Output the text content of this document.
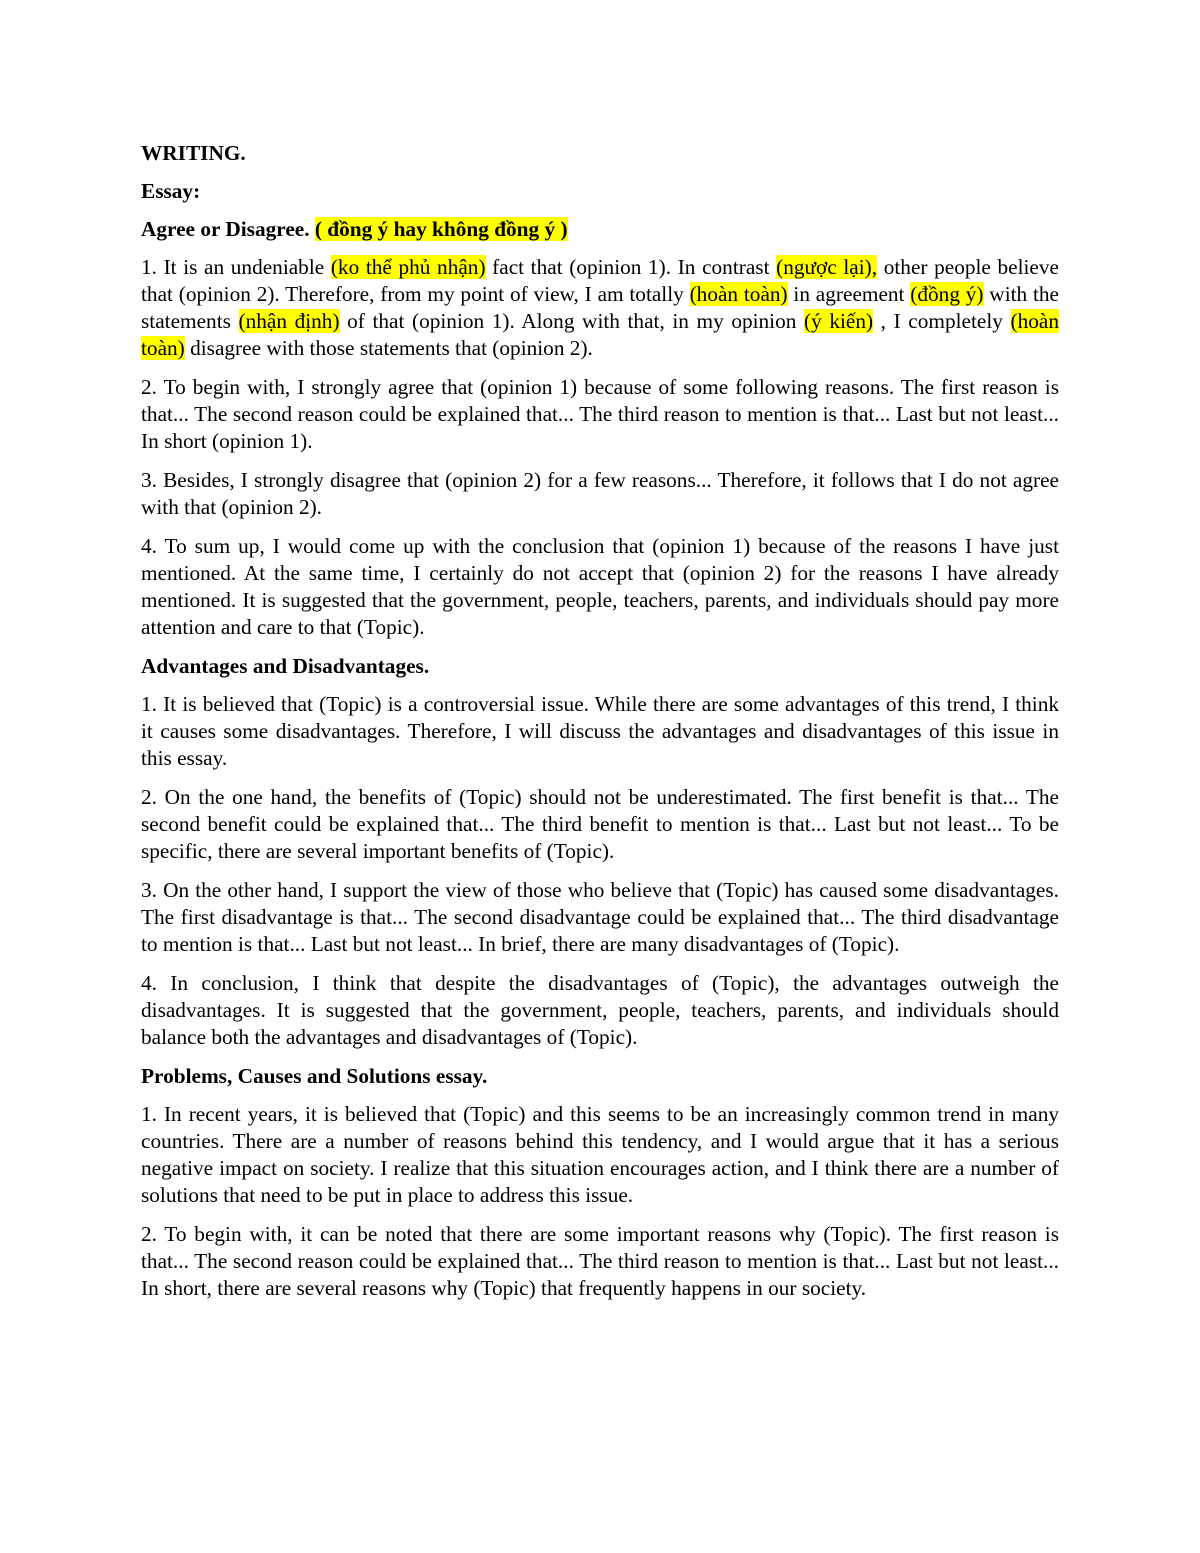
WRITING.
Essay:
Agree or Disagree. ( đồng ý hay không đồng ý )

1. It is an undeniable (ko thể phủ nhận) fact that (opinion 1). In contrast (ngược lại), other people believe that (opinion 2). Therefore, from my point of view, I am totally (hoàn toàn) in agreement (đồng ý) with the statements (nhận định) of that (opinion 1). Along with that, in my opinion (ý kiến) , I completely (hoàn toàn) disagree with those statements that (opinion 2).

2. To begin with, I strongly agree that (opinion 1) because of some following reasons. The first reason is that... The second reason could be explained that... The third reason to mention is that... Last but not least... In short (opinion 1).

3. Besides, I strongly disagree that (opinion 2) for a few reasons... Therefore, it follows that I do not agree with that (opinion 2).

4. To sum up, I would come up with the conclusion that (opinion 1) because of the reasons I have just mentioned. At the same time, I certainly do not accept that (opinion 2) for the reasons I have already mentioned. It is suggested that the government, people, teachers, parents, and individuals should pay more attention and care to that (Topic).

Advantages and Disadvantages.

1. It is believed that (Topic) is a controversial issue. While there are some advantages of this trend, I think it causes some disadvantages. Therefore, I will discuss the advantages and disadvantages of this issue in this essay.

2. On the one hand, the benefits of (Topic) should not be underestimated. The first benefit is that... The second benefit could be explained that... The third benefit to mention is that... Last but not least... To be specific, there are several important benefits of (Topic).

3. On the other hand, I support the view of those who believe that (Topic) has caused some disadvantages. The first disadvantage is that... The second disadvantage could be explained that... The third disadvantage to mention is that... Last but not least... In brief, there are many disadvantages of (Topic).

4. In conclusion, I think that despite the disadvantages of (Topic), the advantages outweigh the disadvantages. It is suggested that the government, people, teachers, parents, and individuals should balance both the advantages and disadvantages of (Topic).

Problems, Causes and Solutions essay.

1. In recent years, it is believed that (Topic) and this seems to be an increasingly common trend in many countries. There are a number of reasons behind this tendency, and I would argue that it has a serious negative impact on society. I realize that this situation encourages action, and I think there are a number of solutions that need to be put in place to address this issue.

2. To begin with, it can be noted that there are some important reasons why (Topic). The first reason is that... The second reason could be explained that... The third reason to mention is that... Last but not least... In short, there are several reasons why (Topic) that frequently happens in our society.
